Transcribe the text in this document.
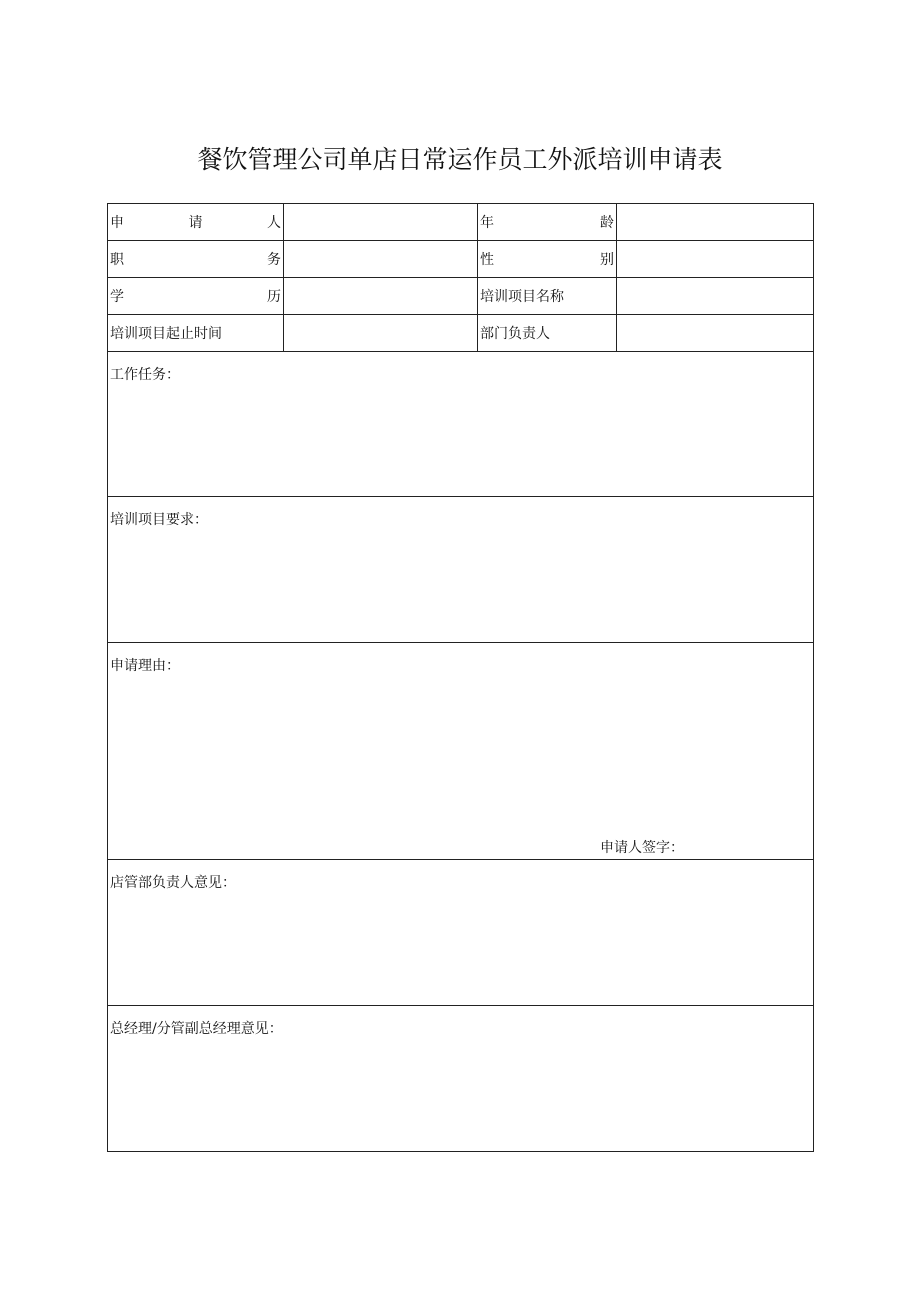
餐饮管理公司单店日常运作员工外派培训申请表
申 请 人		年 龄	

职 务		性 别	

学 历		培训项目名称	
培训项目起止时间		部门负责人	
工作任务：			
培训项目要求：			
申请理由：
申请人签字：			

店管部负责人意见：			
总经理/分管副总经理意见：			
